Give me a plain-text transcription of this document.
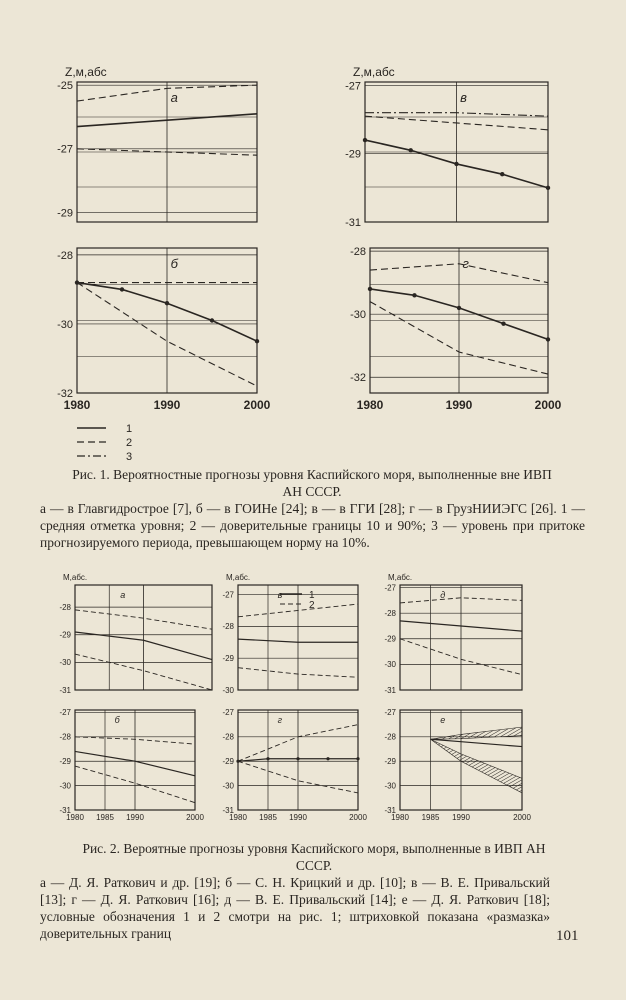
-25
-27
-29
Z,м,абс
а
-28
-30
-32
1980	1990	2000
б
-27
-29
-31
Z,м,абс
в
-28
-30
-32
1980	1990	2000
г
-28
-29
-30
-31
М,абс.
а	-27
-28
-29
-30
М,абс.
в
-27
-28
-29
-30
-31
М,абс.
д
-27
-28
-29
-30
-31
1980 1985 1990	2000
б
-27
-28
-29
-30
-31
1980 1985 1990	2000
г
-27
-28
-29
-30
-31
1980 1985 1990	2000
е
1
2
3
1
2
Рис. 1. Вероятностные прогнозы уровня Каспийского моря, выполненные вне ИВП АН СССР.
а — в Главгидрострое [7], б — в ГОИНе [24]; в — в ГГИ [28]; г — в ГрузНИИЭГС [26]. 1 — средняя отметка уровня; 2 — доверительные границы 10 и 90%; 3 — уровень при притоке прогнозируемого периода, превышающем норму на 10%.
Рис. 2. Вероятные прогнозы уровня Каспийского моря, выполненные в ИВП АН СССР.
а — Д. Я. Раткович и др. [19]; б — С. Н. Крицкий и др. [10]; в — В. Е. Привальский [13]; г — Д. Я. Раткович [16]; д — В. Е. Привальский [14]; е — Д. Я. Раткович [18]; условные обозначения 1 и 2 смотри на рис. 1; штриховкой показана «размазка» доверительных границ	101
